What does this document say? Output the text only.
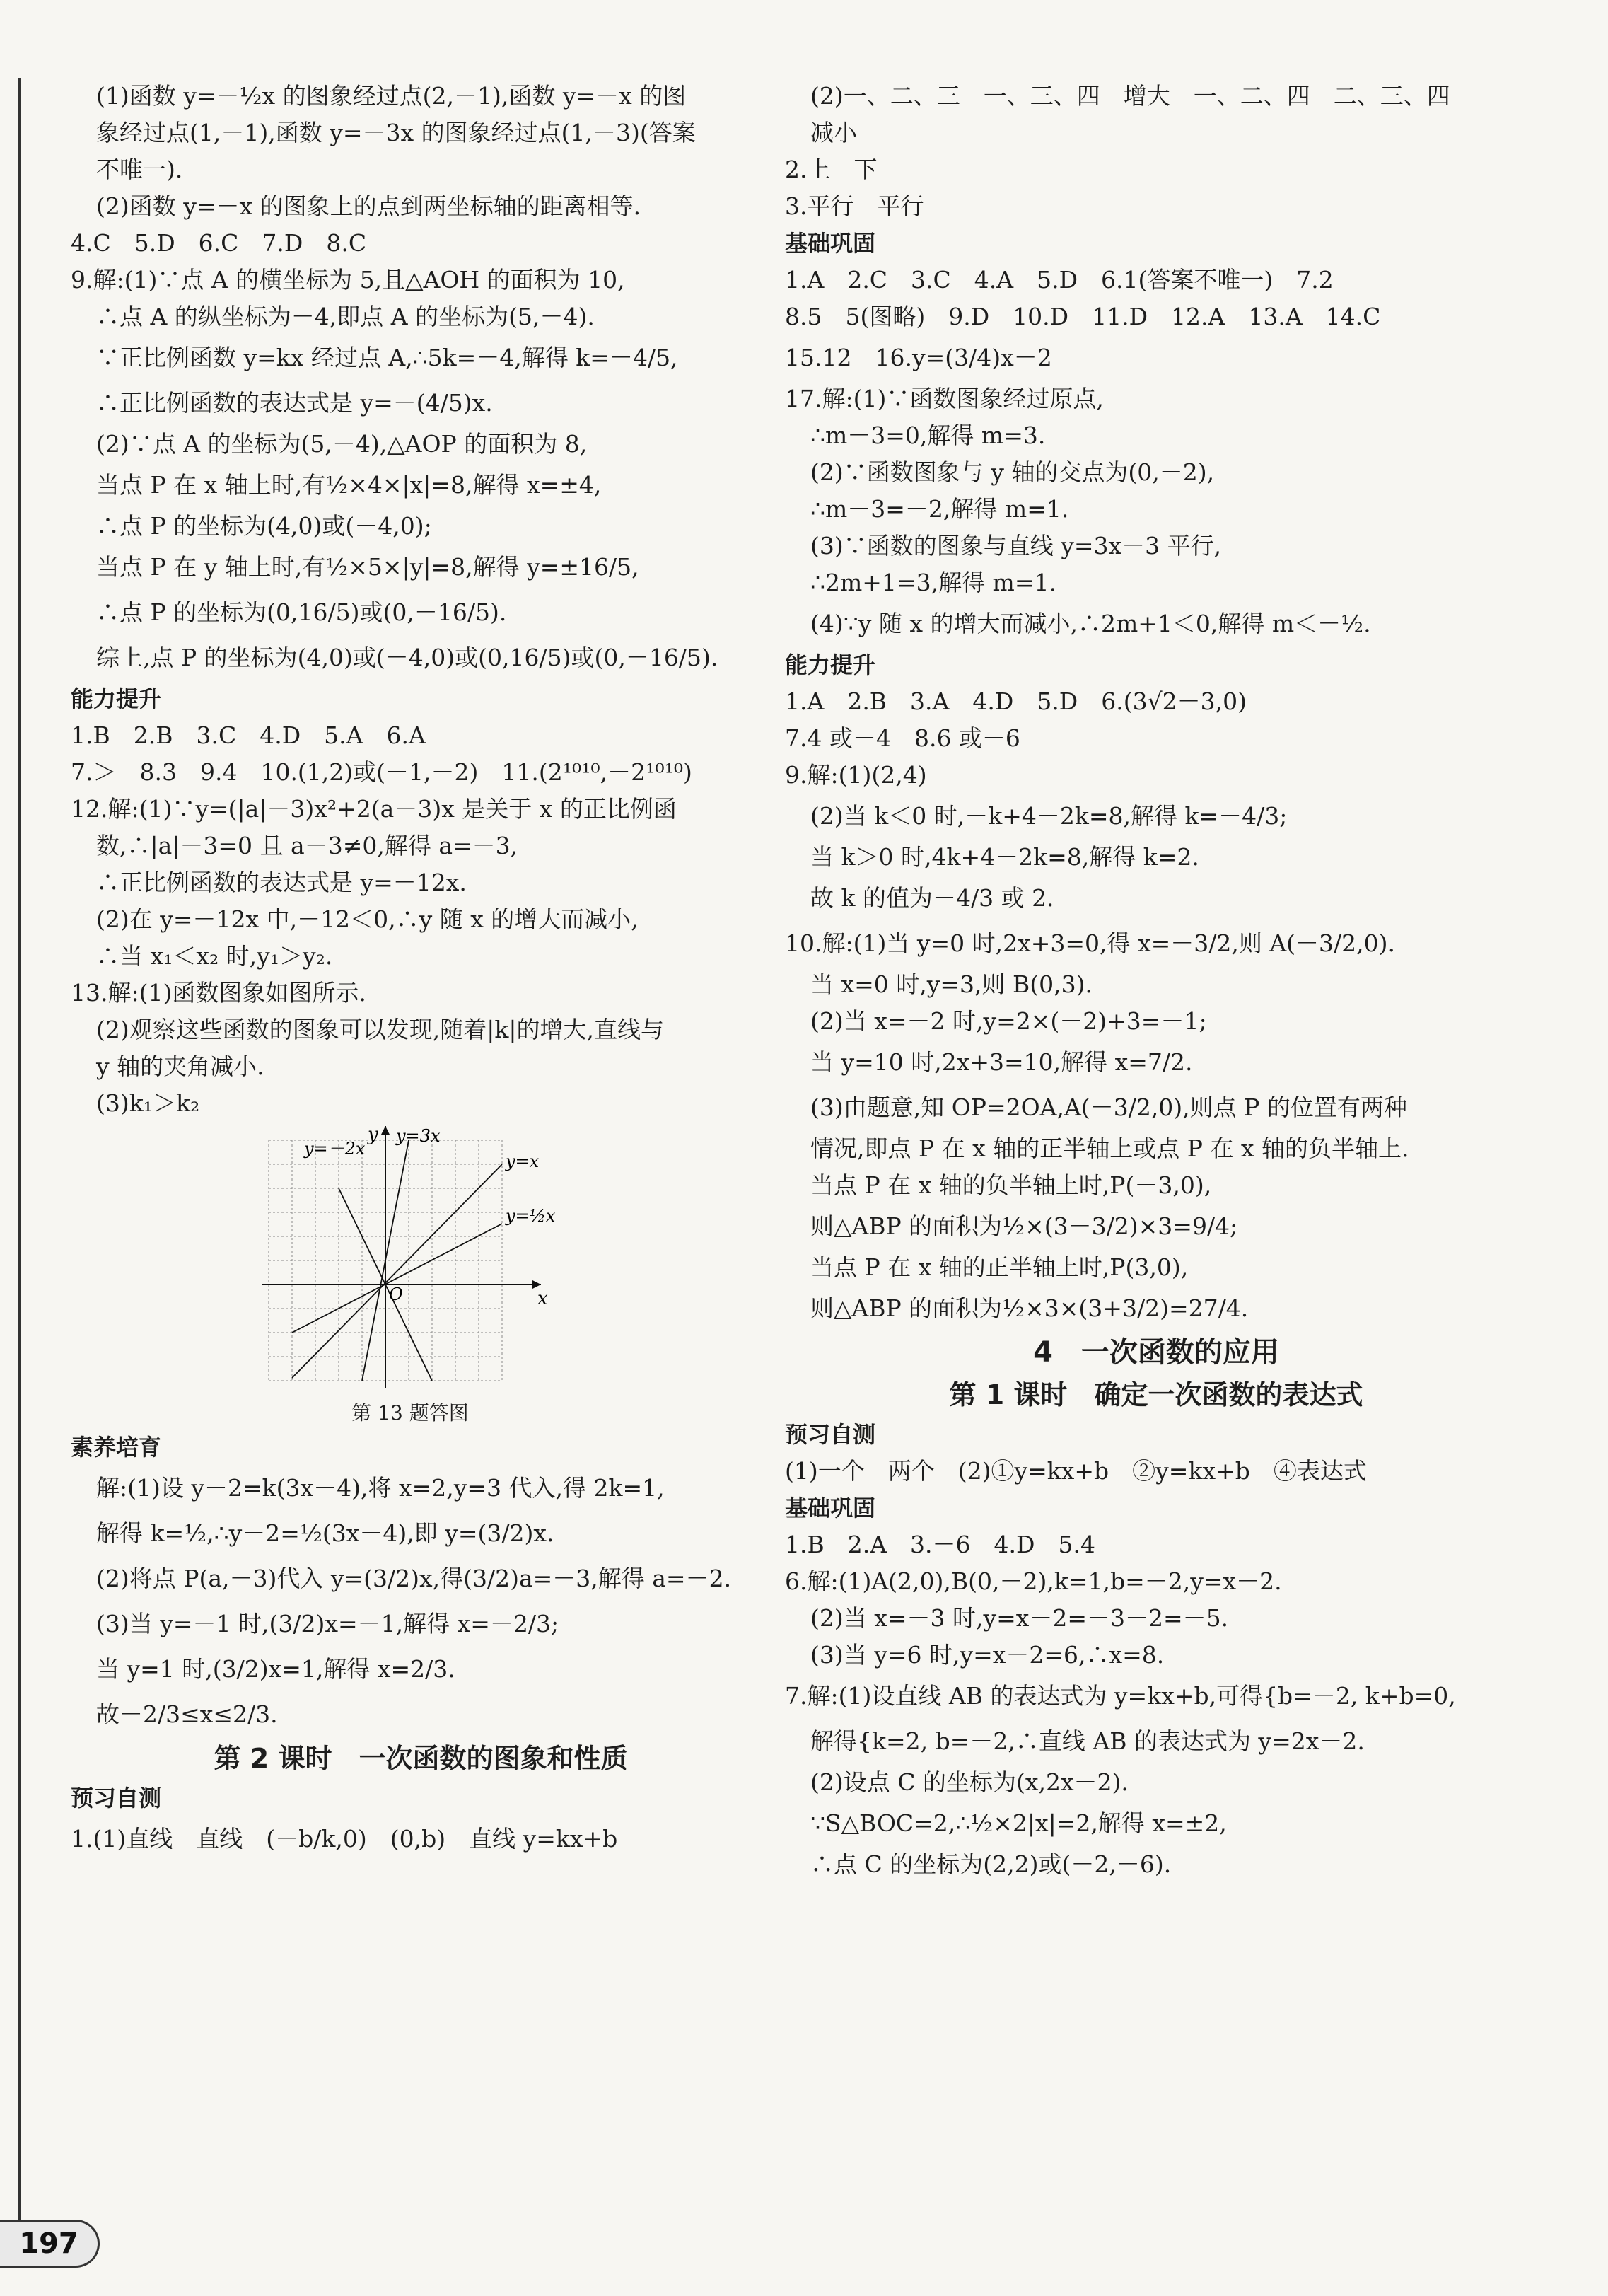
(1)函数 y=－½x 的图象经过点(2,－1),函数 y=－x 的图
象经过点(1,－1),函数 y=－3x 的图象经过点(1,－3)(答案
不唯一).
(2)函数 y=－x 的图象上的点到两坐标轴的距离相等.
4.C　5.D　6.C　7.D　8.C
9.解:(1)∵点 A 的横坐标为 5,且△AOH 的面积为 10,
∴点 A 的纵坐标为－4,即点 A 的坐标为(5,－4).
∵正比例函数 y=kx 经过点 A,∴5k=－4,解得 k=－4/5,
∴正比例函数的表达式是 y=－(4/5)x.
(2)∵点 A 的坐标为(5,－4),△AOP 的面积为 8,
当点 P 在 x 轴上时,有½×4×|x|=8,解得 x=±4,
∴点 P 的坐标为(4,0)或(－4,0);
当点 P 在 y 轴上时,有½×5×|y|=8,解得 y=±16/5,
∴点 P 的坐标为(0,16/5)或(0,－16/5).
综上,点 P 的坐标为(4,0)或(－4,0)或(0,16/5)或(0,－16/5).
能力提升
1.B　2.B　3.C　4.D　5.A　6.A
7.＞　8.3　9.4　10.(1,2)或(－1,－2)　11.(2¹⁰¹⁰,－2¹⁰¹⁰)
12.解:(1)∵y=(|a|－3)x²+2(a－3)x 是关于 x 的正比例函
数,∴|a|－3=0 且 a－3≠0,解得 a=－3,
∴正比例函数的表达式是 y=－12x.
(2)在 y=－12x 中,－12＜0,∴y 随 x 的增大而减小,
∴当 x₁＜x₂ 时,y₁＞y₂.
13.解:(1)函数图象如图所示.
(2)观察这些函数的图象可以发现,随着|k|的增大,直线与
y 轴的夹角减小.
(3)k₁＞k₂
y=－2x
y=3x
y=x
y=½x
O	x
y
第 13 题答图
素养培育
解:(1)设 y－2=k(3x－4),将 x=2,y=3 代入,得 2k=1,
解得 k=½,∴y－2=½(3x－4),即 y=(3/2)x.
(2)将点 P(a,－3)代入 y=(3/2)x,得(3/2)a=－3,解得 a=－2.
(3)当 y=－1 时,(3/2)x=－1,解得 x=－2/3;
当 y=1 时,(3/2)x=1,解得 x=2/3.
故－2/3≤x≤2/3.
第 2 课时　一次函数的图象和性质
预习自测
1.(1)直线　直线　(－b/k,0)　(0,b)　直线 y=kx+b
(2)一、二、三　一、三、四　增大　一、二、四　二、三、四
减小
2.上　下
3.平行　平行
基础巩固
1.A　2.C　3.C　4.A　5.D　6.1(答案不唯一)　7.2
8.5　5(图略)　9.D　10.D　11.D　12.A　13.A　14.C
15.12　16.y=(3/4)x－2
17.解:(1)∵函数图象经过原点,
∴m－3=0,解得 m=3.
(2)∵函数图象与 y 轴的交点为(0,－2),
∴m－3=－2,解得 m=1.
(3)∵函数的图象与直线 y=3x－3 平行,
∴2m+1=3,解得 m=1.
(4)∵y 随 x 的增大而减小,∴2m+1＜0,解得 m＜－½.
能力提升
1.A　2.B　3.A　4.D　5.D　6.(3√2－3,0)
7.4 或－4　8.6 或－6
9.解:(1)(2,4)
(2)当 k＜0 时,－k+4－2k=8,解得 k=－4/3;
当 k＞0 时,4k+4－2k=8,解得 k=2.
故 k 的值为－4/3 或 2.
10.解:(1)当 y=0 时,2x+3=0,得 x=－3/2,则 A(－3/2,0).
当 x=0 时,y=3,则 B(0,3).
(2)当 x=－2 时,y=2×(－2)+3=－1;
当 y=10 时,2x+3=10,解得 x=7/2.
(3)由题意,知 OP=2OA,A(－3/2,0),则点 P 的位置有两种
情况,即点 P 在 x 轴的正半轴上或点 P 在 x 轴的负半轴上.
当点 P 在 x 轴的负半轴上时,P(－3,0),
则△ABP 的面积为½×(3－3/2)×3=9/4;
当点 P 在 x 轴的正半轴上时,P(3,0),
则△ABP 的面积为½×3×(3+3/2)=27/4.
4　一次函数的应用
第 1 课时　确定一次函数的表达式
预习自测
(1)一个　两个　(2)①y=kx+b　②y=kx+b　④表达式
基础巩固
1.B　2.A　3.－6　4.D　5.4
6.解:(1)A(2,0),B(0,－2),k=1,b=－2,y=x－2.
(2)当 x=－3 时,y=x－2=－3－2=－5.
(3)当 y=6 时,y=x－2=6,∴x=8.
7.解:(1)设直线 AB 的表达式为 y=kx+b,可得{b=－2, k+b=0,
解得{k=2, b=－2,∴直线 AB 的表达式为 y=2x－2.
(2)设点 C 的坐标为(x,2x－2).
∵S△BOC=2,∴½×2|x|=2,解得 x=±2,
∴点 C 的坐标为(2,2)或(－2,－6).
197
